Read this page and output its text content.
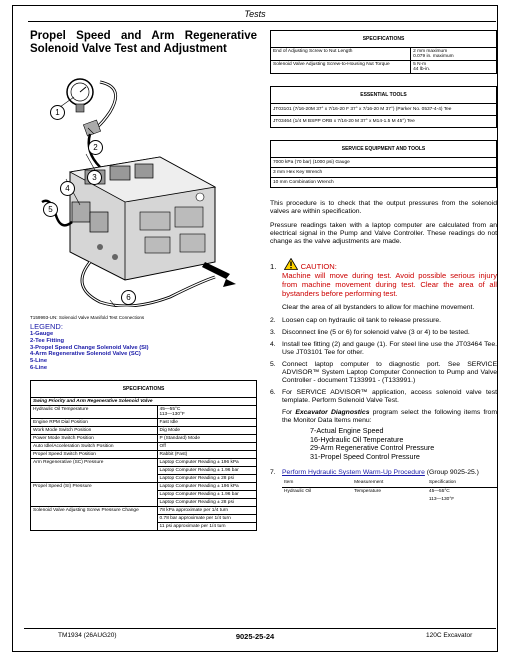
Tests
Propel Speed and Arm Regenerative Solenoid Valve Test and Adjustment
1
2
3
4
5
6
T159993-UN: Solenoid Valve Manifold Test Connections
LEGEND:
1-Gauge
2-Tee Fitting
3-Propel Speed Change Solenoid Valve (SI)
4-Arm Regenerative Solenoid Valve (SC)
5-Line
6-Line
SPECIFICATIONS	
Swing Priority and Arm Regenerative Solenoid Valve	
Hydraulic Oil Temperature	45—55°C
113—130°F

Engine RPM Dial Position	Fast Idle
Work Mode Switch Position	Dig Mode
Power Mode Switch Position	P (Standard) Mode
Auto Idle/Acceleration Switch Position	Off
Propel Speed Switch Position	Rabbit (Fast)
Arm Regenerative (SC) Pressure	Laptop Computer Reading ± 196 kPa
	Laptop Computer Reading ± 1.96 bar
	Laptop Computer Reading ± 28 psi
Propel Speed (SI) Pressure	Laptop Computer Reading ± 196 kPa
	Laptop Computer Reading ± 1.96 bar
	Laptop Computer Reading ± 28 psi
Solenoid Valve Adjusting Screw Pressure Change	78 kPa approximate per 1/4 turn
	0.78 bar approximate per 1/4 turn
	11 psi approximate per 1/4 turn
SPECIFICATIONS	
End of Adjusting Screw to Nut Length	2 mm maximum
0.079 in. maximum

Solenoid Valve Adjusting Screw-to-Housing Nut Torque	5 N·m
44 lb-in.
ESSENTIAL TOOLS
JT03101 (7/16-20M 37° x 7/16-20 F 37° x 7/16-20 M 37°) (Parker No. 0537-4-4) Tee
JT03464 (1/4 M BSPP ORB x 7/16-20 M 37° x M14-1.5 M 45°) Tee
SERVICE EQUIPMENT AND TOOLS
7000 kPa (70 bar) (1000 psi) Gauge
3 mm Hex Key Wrench
10 mm Combination Wrench

This procedure is to check that the output pressures from the solenoid valves are within specification.

Pressure readings taken with a laptop computer are calculated from an electrical signal in the Pump and Valve Controller. These readings do not change as the valve adjustments are made.

1.	CAUTION:
Machine will move during test. Avoid possible serious injury from machine movement during test. Clear the area of all bystanders before performing test.
Clear the area of all bystanders to allow for machine movement.
2. Loosen cap on hydraulic oil tank to release pressure.
3. Disconnect line (5 or 6) for solenoid valve (3 or 4) to be tested.
4. Install tee fitting (2) and gauge (1). For steel line use the JT03464 Tee. Use JT03101 Tee for other.
5. Connect laptop computer to diagnostic port. See SERVICE ADVISOR™ System Laptop Computer Connection to Pump and Valve Controller - document T133991 - (T133991.)
6. For SERVICE ADVISOR™ application, access solenoid valve test template. Perform Solenoid Valve Test.
For Excavator Diagnostics program select the following items from the Monitor Data Items menu:
7-Actual Engine Speed
16-Hydraulic Oil Temperature
29-Arm Regenerative Control Pressure
31-Propel Speed Control Pressure
7. Perform Hydraulic System Warm-Up Procedure (Group 9025-25.)
Item	Measurement	Specification
Hydraulic Oil	Temperature	45—55°C
113—130°F
TM1934 (26AUG20)	9025-25-24	120C Excavator
